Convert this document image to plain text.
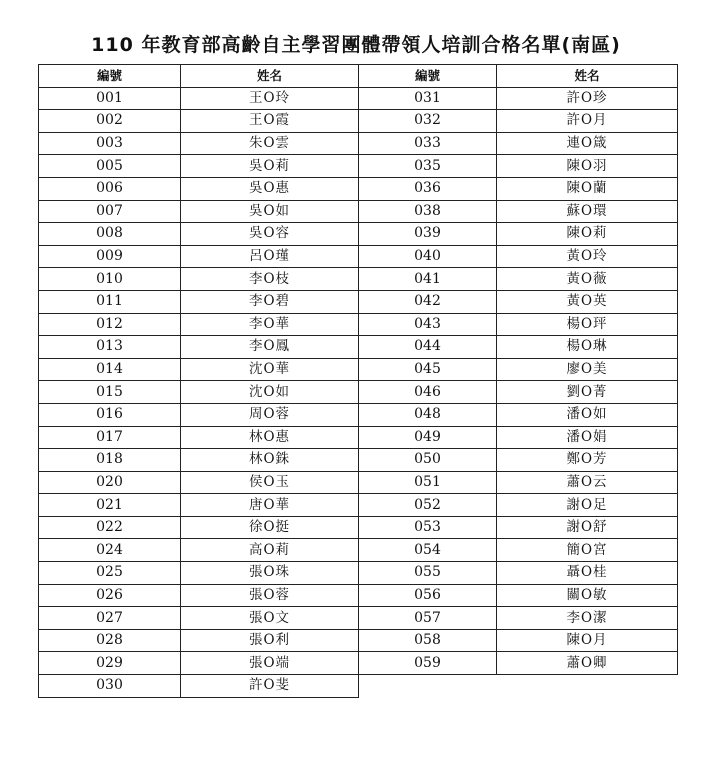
110 年教育部高齡自主學習團體帶領人培訓合格名單(南區)
編號	姓名	編號	姓名
001	王O玲	031	許O珍
002	王O霞	032	許O月
003	朱O雲	033	連O箴
005	吳O莉	035	陳O羽
006	吳O惠	036	陳O蘭
007	吳O如	038	蘇O環
008	吳O容	039	陳O莉
009	呂O瑾	040	黃O玲
010	李O枝	041	黃O薇
011	李O碧	042	黃O英
012	李O華	043	楊O玶
013	李O鳳	044	楊O琳
014	沈O華	045	廖O美
015	沈O如	046	劉O菁
016	周O蓉	048	潘O如
017	林O惠	049	潘O娟
018	林O銖	050	鄭O芳
020	侯O玉	051	蕭O云
021	唐O華	052	謝O足
022	徐O挺	053	謝O舒
024	高O莉	054	簡O宮
025	張O珠	055	聶O桂
026	張O蓉	056	關O敏
027	張O文	057	李O潔
028	張O利	058	陳O月
029	張O端	059	蕭O卿
030	許O斐		
